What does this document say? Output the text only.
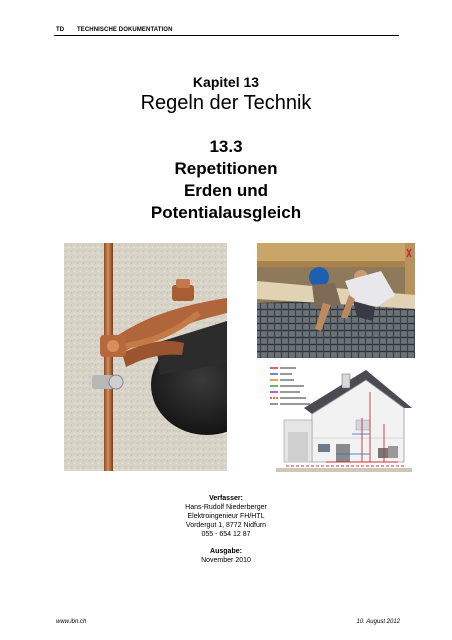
TD TECHNISCHE DOKUMENTATION
Kapitel 13
Regeln der Technik
13.3
Repetitionen
Erden und
Potentialausgleich
Verfasser:
Hans-Rudolf Niederberger
Elektroingenieur FH/HTL
Vordergut 1, 8772 Nidfurn
055 - 654 12 87
Ausgabe:
November 2010
www.ibn.ch	10. August 2012
